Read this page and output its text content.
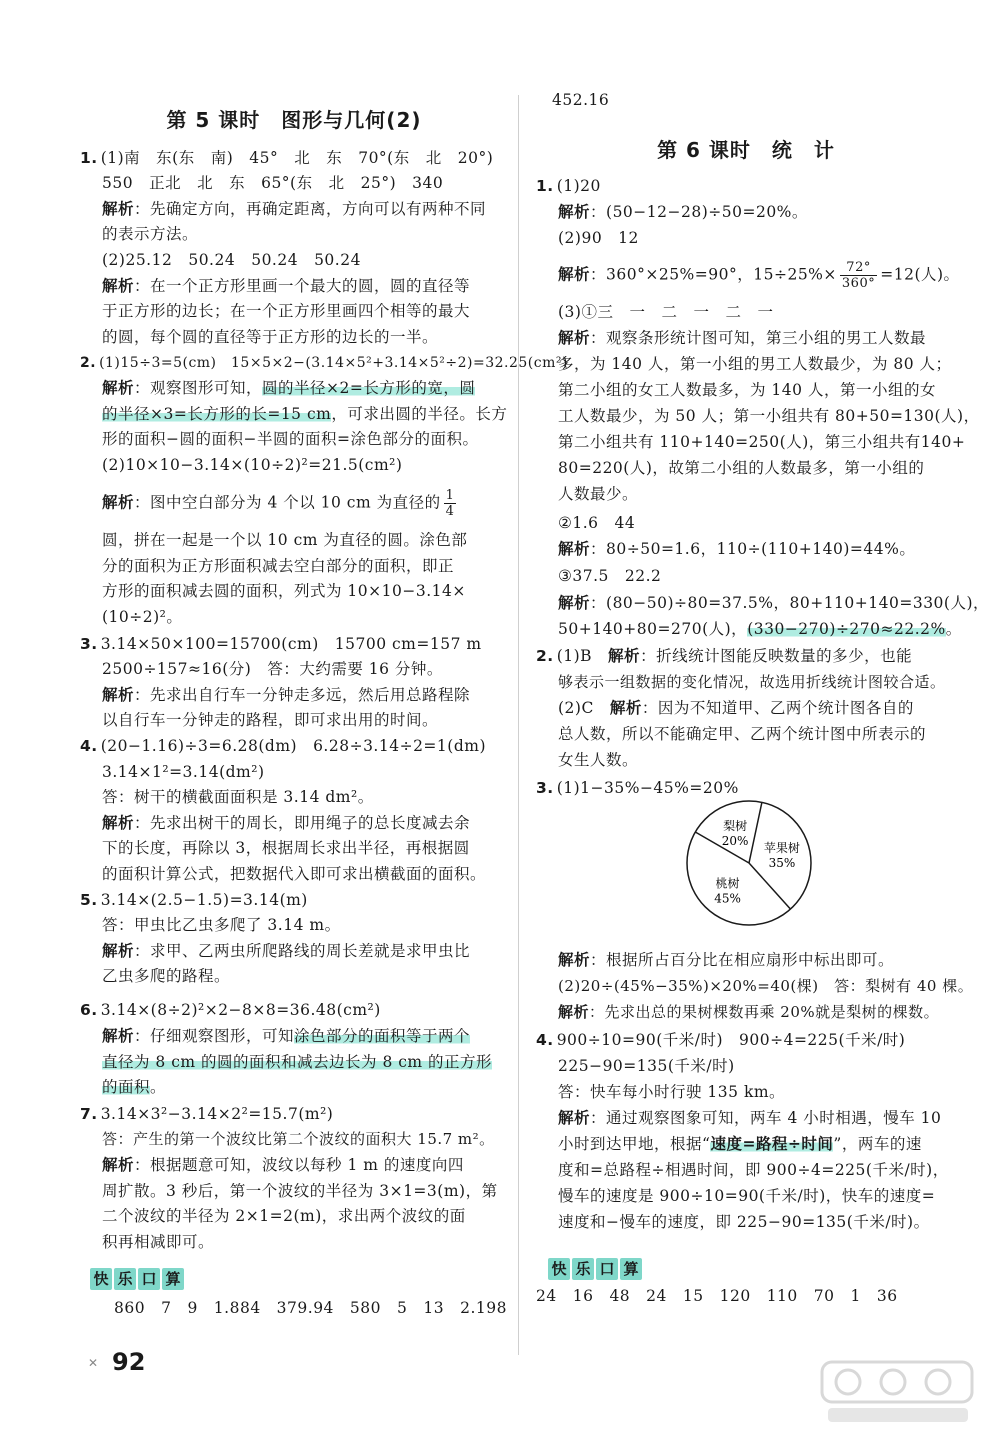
第 5 课时　图形与几何(2)
1. (1)南　东(东　南)　45°　北　东　70°(东　北　20°)
550　正北　北　东　65°(东　北　25°)　340
解析：先确定方向，再确定距离，方向可以有两种不同
的表示方法。
(2)25.12　50.24　50.24　50.24
解析：在一个正方形里画一个最大的圆，圆的直径等
于正方形的边长；在一个正方形里画四个相等的最大
的圆，每个圆的直径等于正方形的边长的一半。
2. (1)15÷3=5(cm)　15×5×2−(3.14×5²+3.14×5²÷2)=32.25(cm²)
解析：观察图形可知，圆的半径×2=长方形的宽，圆
的半径×3=长方形的长=15 cm，可求出圆的半径。长方
形的面积−圆的面积−半圆的面积=涂色部分的面积。
(2)10×10−3.14×(10÷2)²=21.5(cm²)
解析：图中空白部分为 4 个以 10 cm 为直径的 $\frac{1}{4}$
圆，拼在一起是一个以 10 cm 为直径的圆。涂色部
分的面积为正方形面积减去空白部分的面积，即正
方形的面积减去圆的面积，列式为 10×10−3.14×
(10÷2)²。
3. 3.14×50×100=15700(cm)　15700 cm=157 m
2500÷157≈16(分)　答：大约需要 16 分钟。
解析：先求出自行车一分钟走多远，然后用总路程除
以自行车一分钟走的路程，即可求出用的时间。
4. (20−1.16)÷3=6.28(dm)　6.28÷3.14÷2=1(dm)
3.14×1²=3.14(dm²)
答：树干的横截面面积是 3.14 dm²。
解析：先求出树干的周长，即用绳子的总长度减去余
下的长度，再除以 3，根据周长求出半径，再根据圆
的面积计算公式，把数据代入即可求出横截面的面积。
5. 3.14×(2.5−1.5)=3.14(m)
答：甲虫比乙虫多爬了 3.14 m。
解析：求甲、乙两虫所爬路线的周长差就是求甲虫比
乙虫多爬的路程。
6. 3.14×(8÷2)²×2−8×8=36.48(cm²)
解析：仔细观察图形，可知涂色部分的面积等于两个
直径为 8 cm 的圆的面积和减去边长为 8 cm 的正方形
的面积。
7. 3.14×3²−3.14×2²=15.7(m²)
答：产生的第一个波纹比第二个波纹的面积大 15.7 m²。
解析：根据题意可知，波纹以每秒 1 m 的速度向四
周扩散。3 秒后，第一个波纹的半径为 3×1=3(m)，第
二个波纹的半径为 2×1=2(m)，求出两个波纹的面
积再相减即可。
快 乐 口 算
860　7　9　1.884　379.94　580　5　13　2.198
✕ 92
452.16
第 6 课时　统　计
1. (1)20
解析：(50−12−28)÷50=20%。
(2)90　12
解析：360°×25%=90°，$15\div 25\%\times \frac{72^\circ}{360^\circ} =12$(人)。
(3)①三　一　二　一　二　一
解析：观察条形统计图可知，第三小组的男工人数最
多，为 140 人，第一小组的男工人数最少，为 80 人；
第二小组的女工人数最多，为 140 人，第一小组的女
工人数最少，为 50 人；第一小组共有 80+50=130(人)，
第二小组共有 110+140=250(人)，第三小组共有140+
80=220(人)，故第二小组的人数最多，第一小组的
人数最少。
②1.6　44
解析：80÷50=1.6，110÷(110+140)=44%。
③37.5　22.2
解析：(80−50)÷80=37.5%，80+110+140=330(人)，
50+140+80=270(人)，(330−270)÷270≈22.2%。
2. (1)B　解析：折线统计图能反映数量的多少，也能
够表示一组数据的变化情况，故选用折线统计图较合适。
(2)C　解析：因为不知道甲、乙两个统计图各自的
总人数，所以不能确定甲、乙两个统计图中所表示的
女生人数。
3. (1)1−35%−45%=20%
梨树
20%
苹果树
35%
桃树
45%
解析：根据所占百分比在相应扇形中标出即可。
(2)20÷(45%−35%)×20%=40(棵)　答：梨树有 40 棵。
解析：先求出总的果树棵数再乘 20%就是梨树的棵数。
4. 900÷10=90(千米/时)　900÷4=225(千米/时)
225−90=135(千米/时)
答：快车每小时行驶 135 km。
解析：通过观察图象可知，两车 4 小时相遇，慢车 10
小时到达甲地，根据“速度=路程÷时间”，两车的速
度和=总路程÷相遇时间，即 900÷4=225(千米/时)，
慢车的速度是 900÷10=90(千米/时)，快车的速度=
速度和−慢车的速度，即 225−90=135(千米/时)。
快 乐 口 算
24　16　48　24　15　120　110　70　1　36
